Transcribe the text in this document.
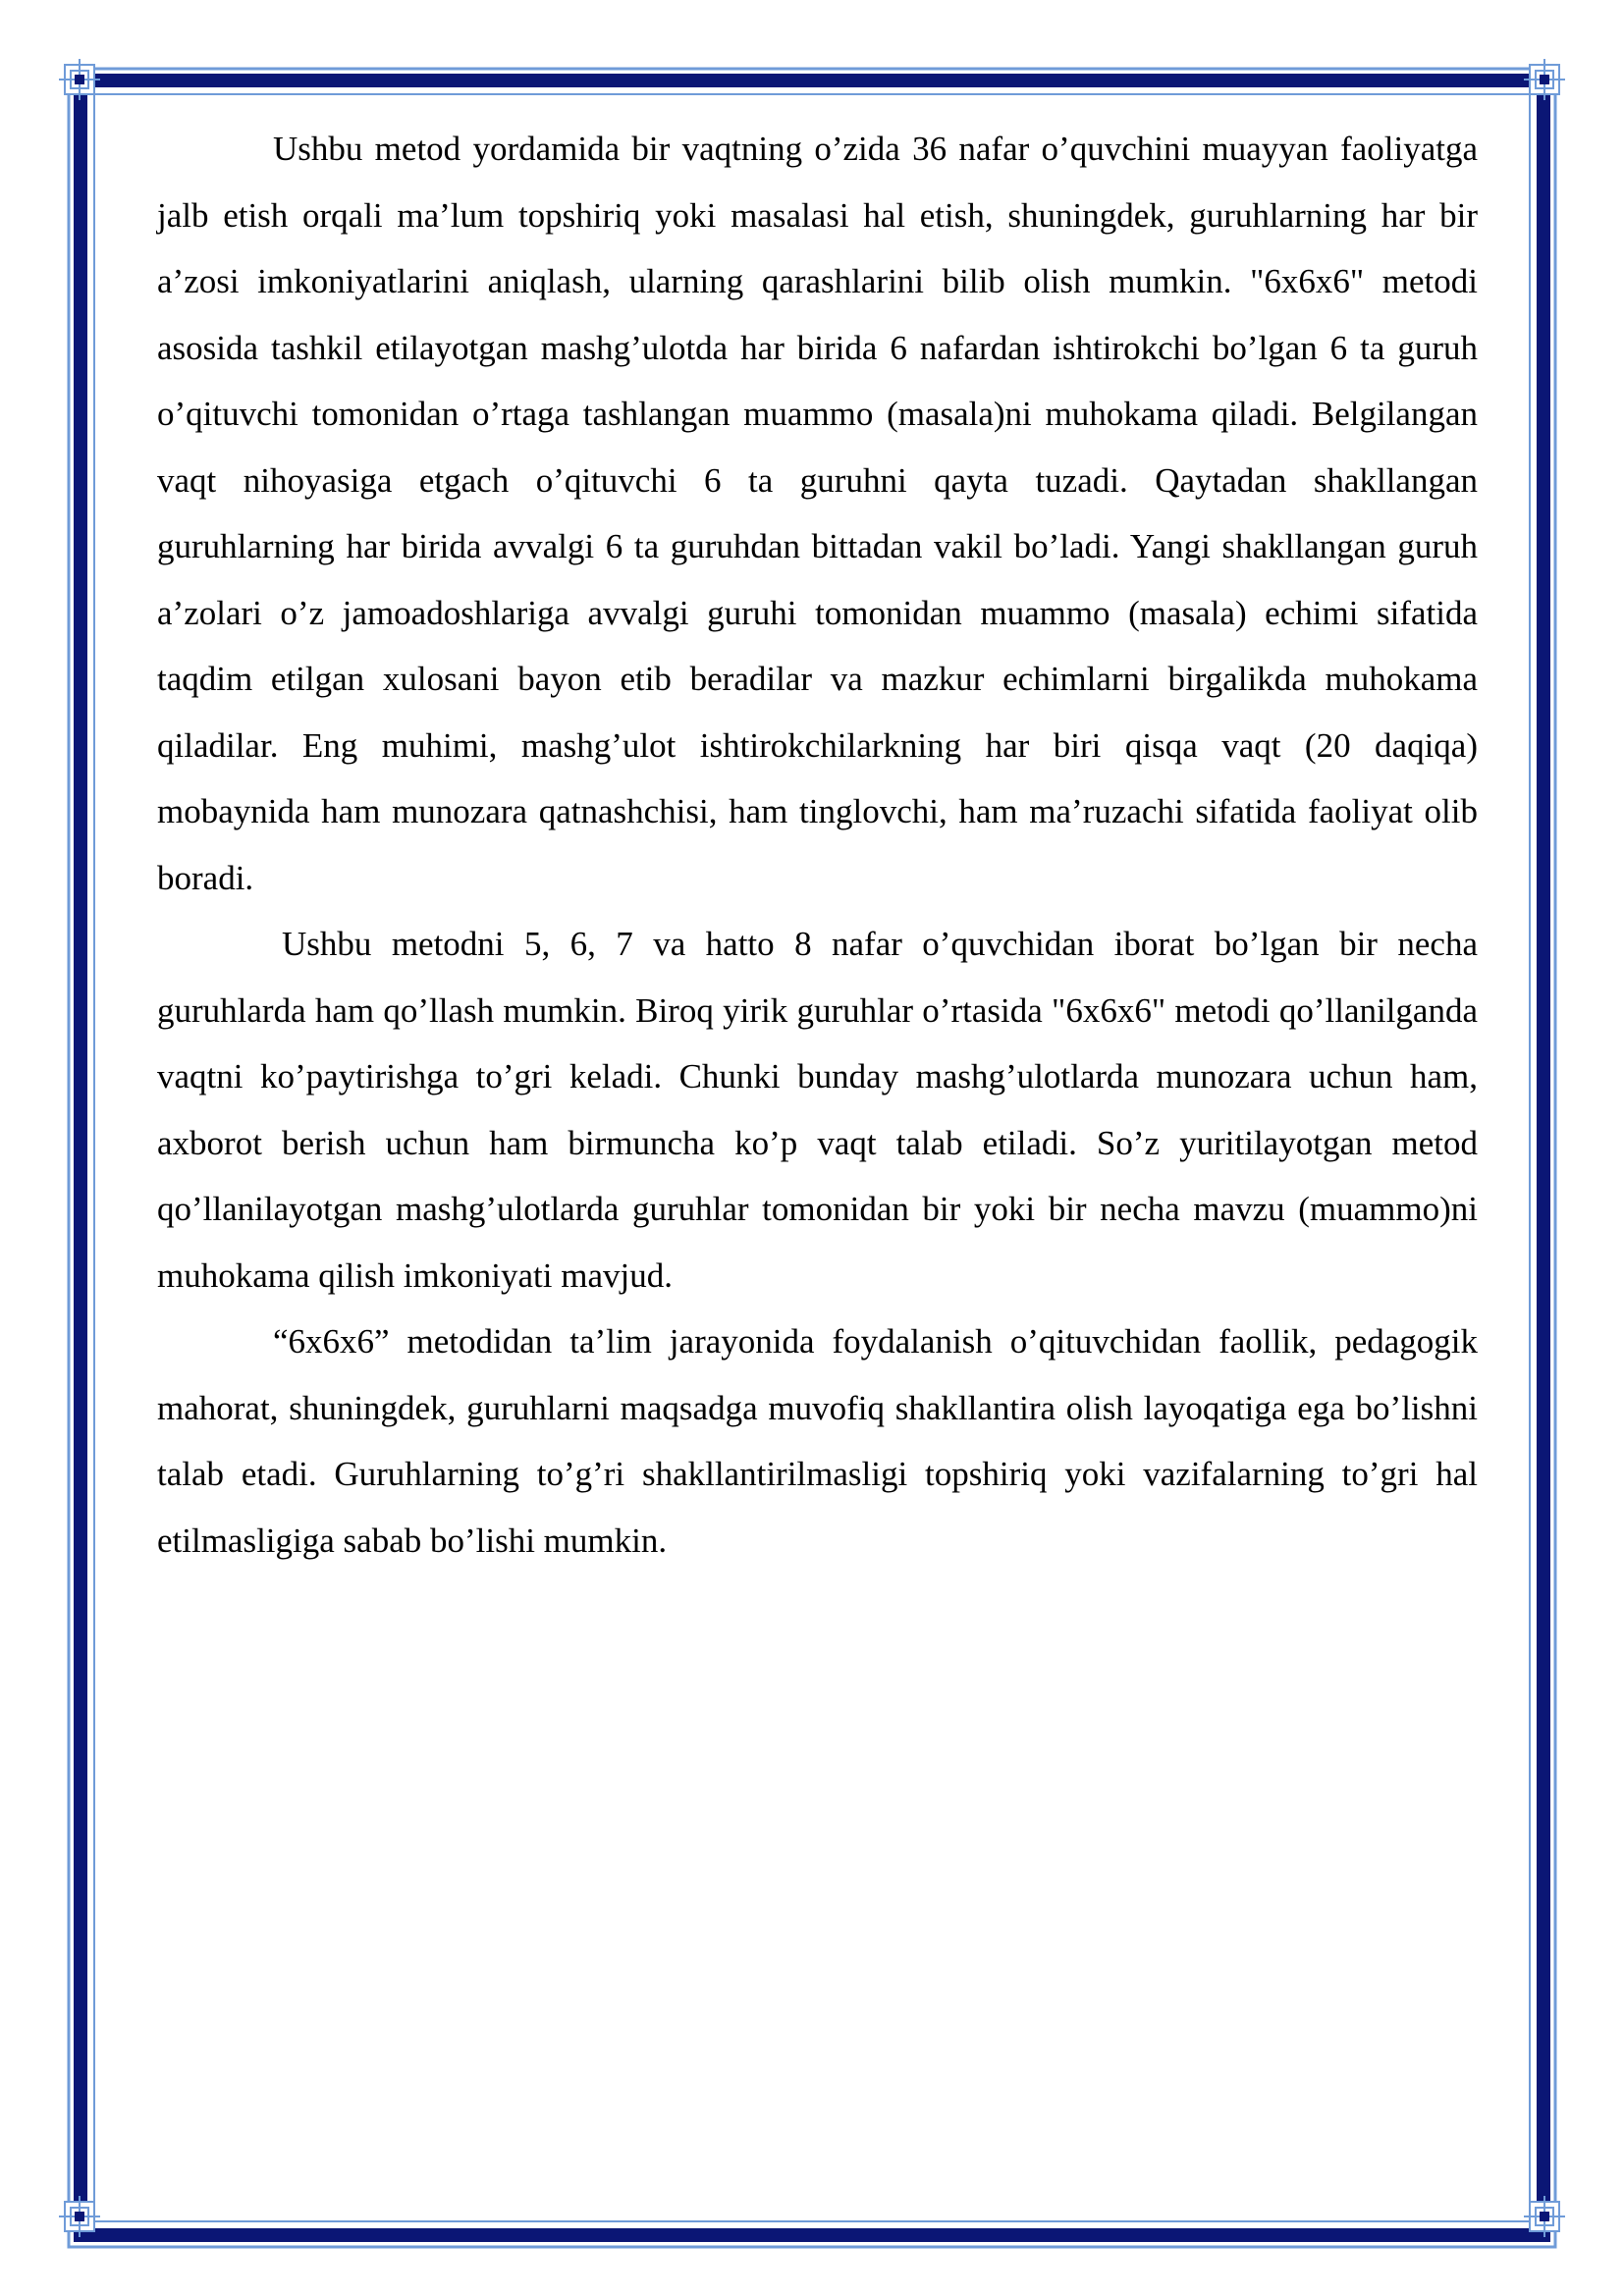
Ushbu metod yordamida bir vaqtning o’zida 36 nafar o’quvchini muayyan faoliyatga jalb etish orqali ma’lum topshiriq yoki masalasi hal etish, shuningdek, guruhlarning har bir a’zosi imkoniyatlarini aniqlash, ularning qarashlarini bilib olish mumkin. "6x6x6" metodi asosida tashkil etilayotgan mashg’ulotda har birida 6 nafardan ishtirokchi bo’lgan 6 ta guruh o’qituvchi tomonidan o’rtaga tashlangan muammo (masala)ni muhokama qiladi. Belgilangan vaqt nihoyasiga etgach o’qituvchi 6 ta guruhni qayta tuzadi. Qaytadan shakllangan guruhlarning har birida avvalgi 6 ta guruhdan bittadan vakil bo’ladi. Yangi shakllangan guruh a’zolari o’z jamoadoshlariga avvalgi guruhi tomonidan muammo (masala) echimi sifatida taqdim etilgan xulosani bayon etib beradilar va mazkur echimlarni birgalikda muhokama qiladilar. Eng muhimi, mashg’ulot ishtirokchilarkning har biri qisqa vaqt (20 daqiqa) mobaynida ham munozara qatnashchisi, ham tinglovchi, ham ma’ruzachi sifatida faoliyat olib boradi.

Ushbu metodni 5, 6, 7 va hatto 8 nafar o’quvchidan iborat bo’lgan bir necha guruhlarda ham qo’llash mumkin. Biroq yirik guruhlar o’rtasida "6x6x6" metodi qo’llanilganda vaqtni ko’paytirishga to’gri keladi. Chunki bunday mashg’ulotlarda munozara uchun ham, axborot berish uchun ham birmuncha ko’p vaqt talab etiladi. So’z yuritilayotgan metod qo’llanilayotgan mashg’ulotlarda guruhlar tomonidan bir yoki bir necha mavzu (muammo)ni muhokama qilish imkoniyati mavjud.

“6x6x6” metodidan ta’lim jarayonida foydalanish o’qituvchidan faollik, pedagogik mahorat, shuningdek, guruhlarni maqsadga muvofiq shakllantira olish layoqatiga ega bo’lishni talab etadi. Guruhlarning to’g’ri shakllantirilmasligi topshiriq yoki vazifalarning to’gri hal etilmasligiga sabab bo’lishi mumkin.
